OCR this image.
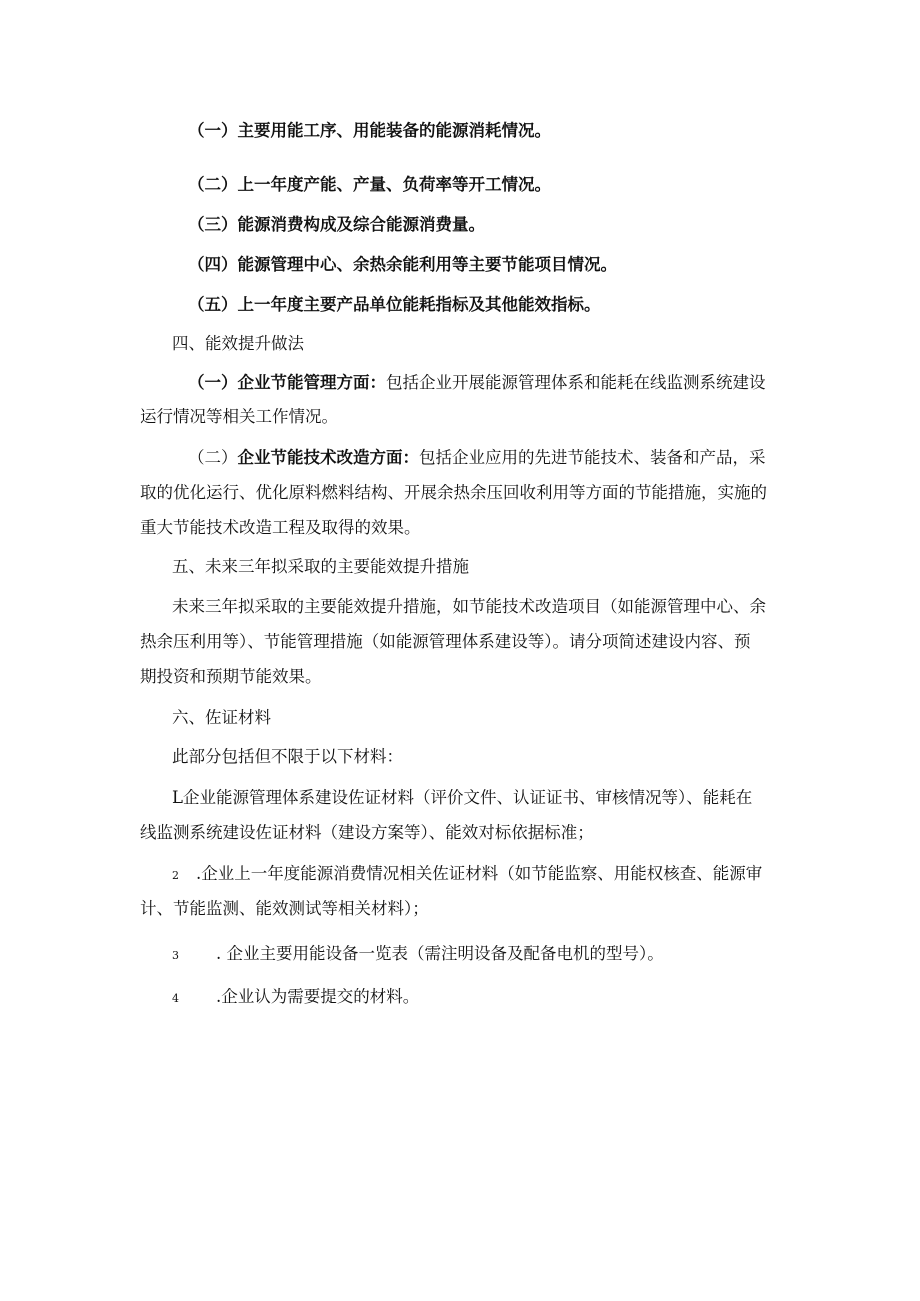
（一）主要用能工序、用能装备的能源消耗情况。
（二）上一年度产能、产量、负荷率等开工情况。
（三）能源消费构成及综合能源消费量。
（四）能源管理中心、余热余能利用等主要节能项目情况。
（五）上一年度主要产品单位能耗指标及其他能效指标。
四、能效提升做法
（一）企业节能管理方面：包括企业开展能源管理体系和能耗在线监测系统建设
运行情况等相关工作情况。
（二）企业节能技术改造方面：包括企业应用的先进节能技术、装备和产品，采
取的优化运行、优化原料燃料结构、开展余热余压回收利用等方面的节能措施，实施的
重大节能技术改造工程及取得的效果。
五、未来三年拟采取的主要能效提升措施
未来三年拟采取的主要能效提升措施，如节能技术改造项目（如能源管理中心、余
热余压利用等）、节能管理措施（如能源管理体系建设等）。请分项简述建设内容、预
期投资和预期节能效果。
六、佐证材料
此部分包括但不限于以下材料：
L企业能源管理体系建设佐证材料（评价文件、认证证书、审核情况等）、能耗在
线监测系统建设佐证材料（建设方案等）、能效对标依据标准；
2 .企业上一年度能源消费情况相关佐证材料（如节能监察、用能权核查、能源审
计、节能监测、能效测试等相关材料）；
3 . 企业主要用能设备一览表（需注明设备及配备电机的型号）。
4 .企业认为需要提交的材料。
